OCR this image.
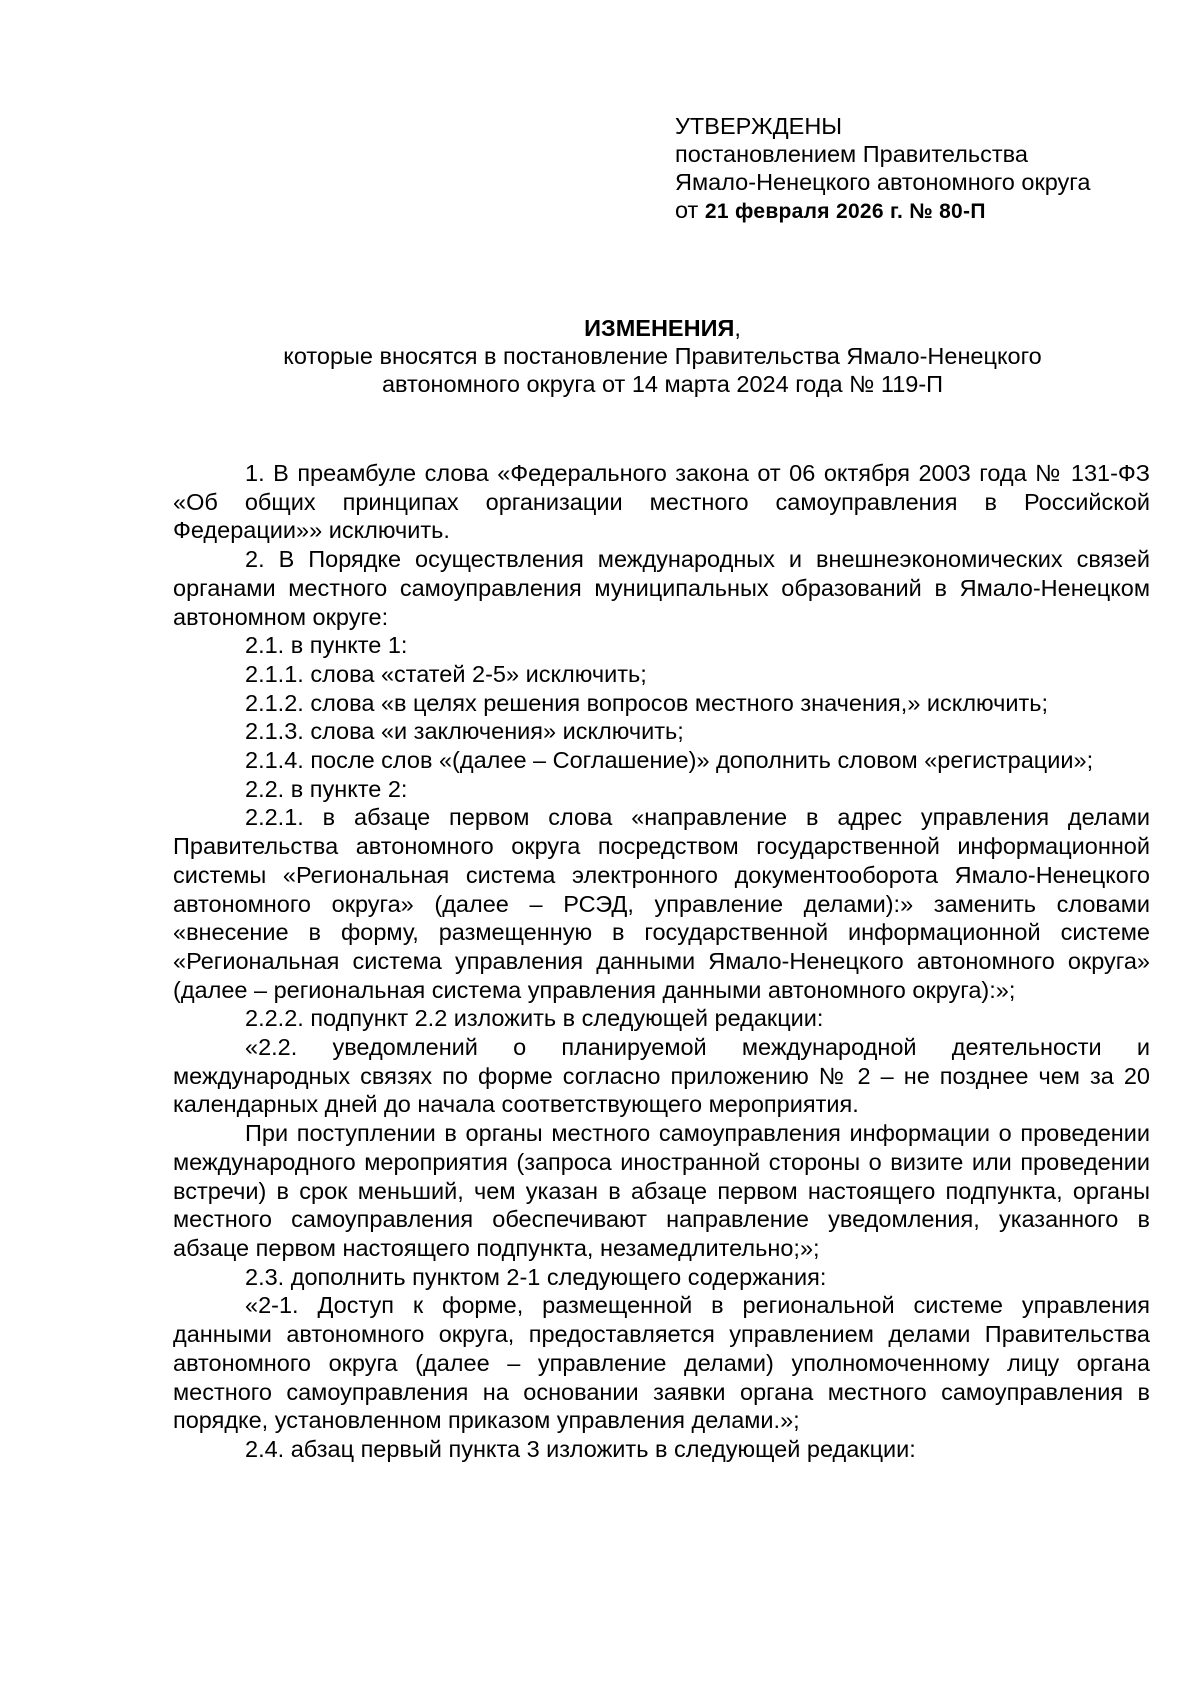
УТВЕРЖДЕНЫ

постановлением Правительства

Ямало-Ненецкого автономного округа

от 21 февраля 2026 г. № 80-П

ИЗМЕНЕНИЯ,

которые вносятся в постановление Правительства Ямало-Ненецкого

автономного округа от 14 марта 2024 года № 119-П

1. В преамбуле слова «Федерального закона от 06 октября 2003 года № 131-ФЗ «Об общих принципах организации местного самоуправления в Российской Федерации»» исключить.

2. В Порядке осуществления международных и внешнеэкономических связей органами местного самоуправления муниципальных образований в Ямало-Ненецком автономном округе:

2.1. в пункте 1:

2.1.1. слова «статей 2-5» исключить;

2.1.2. слова «в целях решения вопросов местного значения,» исключить;

2.1.3. слова «и заключения» исключить;

2.1.4. после слов «(далее – Соглашение)» дополнить словом «регистрации»;

2.2. в пункте 2:

2.2.1. в абзаце первом слова «направление в адрес управления делами Правительства автономного округа посредством государственной информационной системы «Региональная система электронного документооборота Ямало-Ненецкого автономного округа» (далее – РСЭД, управление делами):» заменить словами «внесение в форму, размещенную в государственной информационной системе «Региональная система управления данными Ямало-Ненецкого автономного округа» (далее – региональная система управления данными автономного округа):»;

2.2.2. подпункт 2.2 изложить в следующей редакции:

«2.2. уведомлений о планируемой международной деятельности и международных связях по форме согласно приложению № 2 – не позднее чем за 20 календарных дней до начала соответствующего мероприятия.

При поступлении в органы местного самоуправления информации о проведении международного мероприятия (запроса иностранной стороны о визите или проведении встречи) в срок меньший, чем указан в абзаце первом настоящего подпункта, органы местного самоуправления обеспечивают направление уведомления, указанного в абзаце первом настоящего подпункта, незамедлительно;»;

2.3. дополнить пунктом 2-1 следующего содержания:

«2-1. Доступ к форме, размещенной в региональной системе управления данными автономного округа, предоставляется управлением делами Правительства автономного округа (далее – управление делами) уполномоченному лицу органа местного самоуправления на основании заявки органа местного самоуправления в порядке, установленном приказом управления делами.»;

2.4. абзац первый пункта 3 изложить в следующей редакции:
